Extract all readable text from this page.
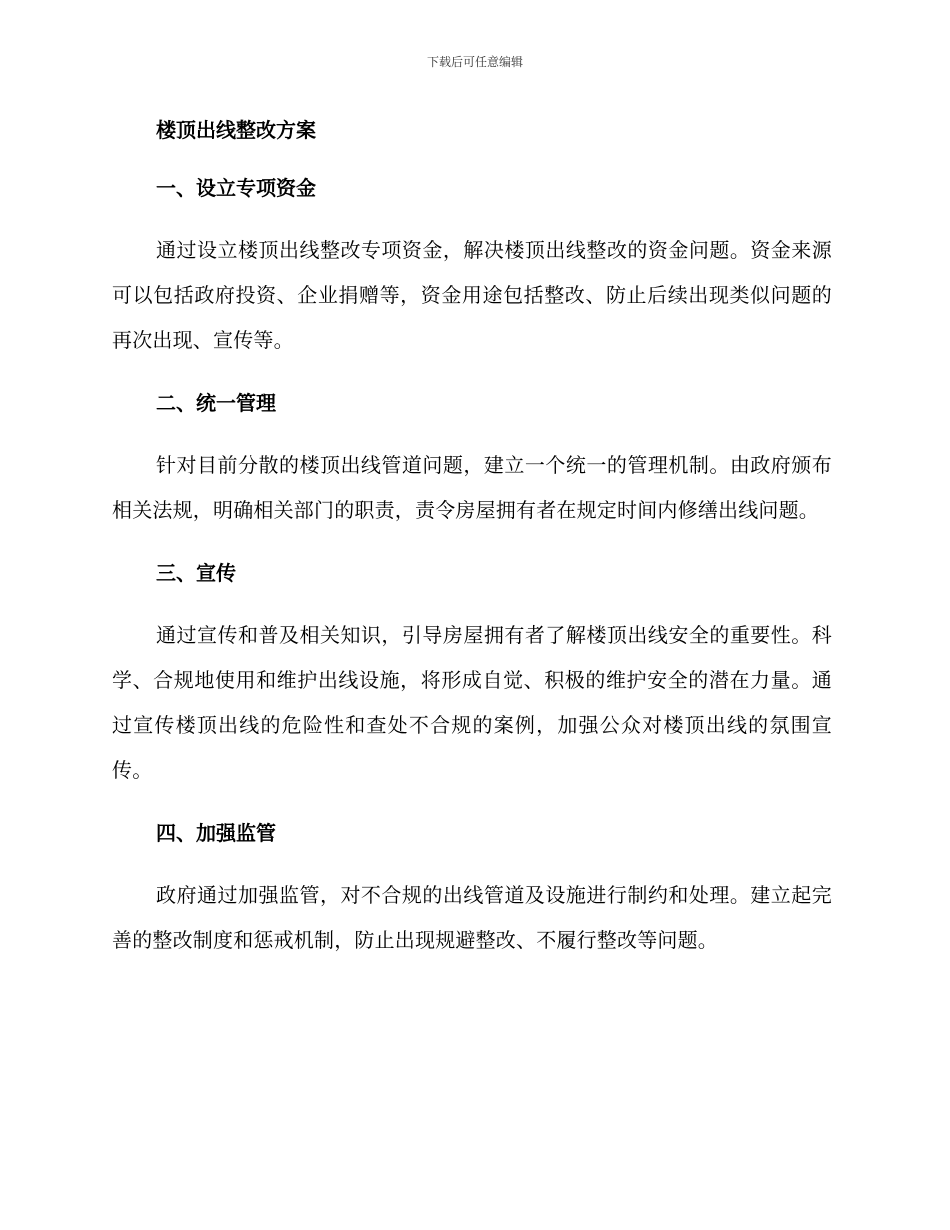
下载后可任意编辑
楼顶出线整改方案
一、设立专项资金

通过设立楼顶出线整改专项资金，解决楼顶出线整改的资金问题。资金来源可以包括政府投资、企业捐赠等，资金用途包括整改、防止后续出现类似问题的再次出现、宣传等。

二、统一管理

针对目前分散的楼顶出线管道问题，建立一个统一的管理机制。由政府颁布相关法规，明确相关部门的职责，责令房屋拥有者在规定时间内修缮出线问题。

三、宣传

通过宣传和普及相关知识，引导房屋拥有者了解楼顶出线安全的重要性。科学、合规地使用和维护出线设施，将形成自觉、积极的维护安全的潜在力量。通过宣传楼顶出线的危险性和查处不合规的案例，加强公众对楼顶出线的氛围宣传。

四、加强监管

政府通过加强监管，对不合规的出线管道及设施进行制约和处理。建立起完善的整改制度和惩戒机制，防止出现规避整改、不履行整改等问题。
